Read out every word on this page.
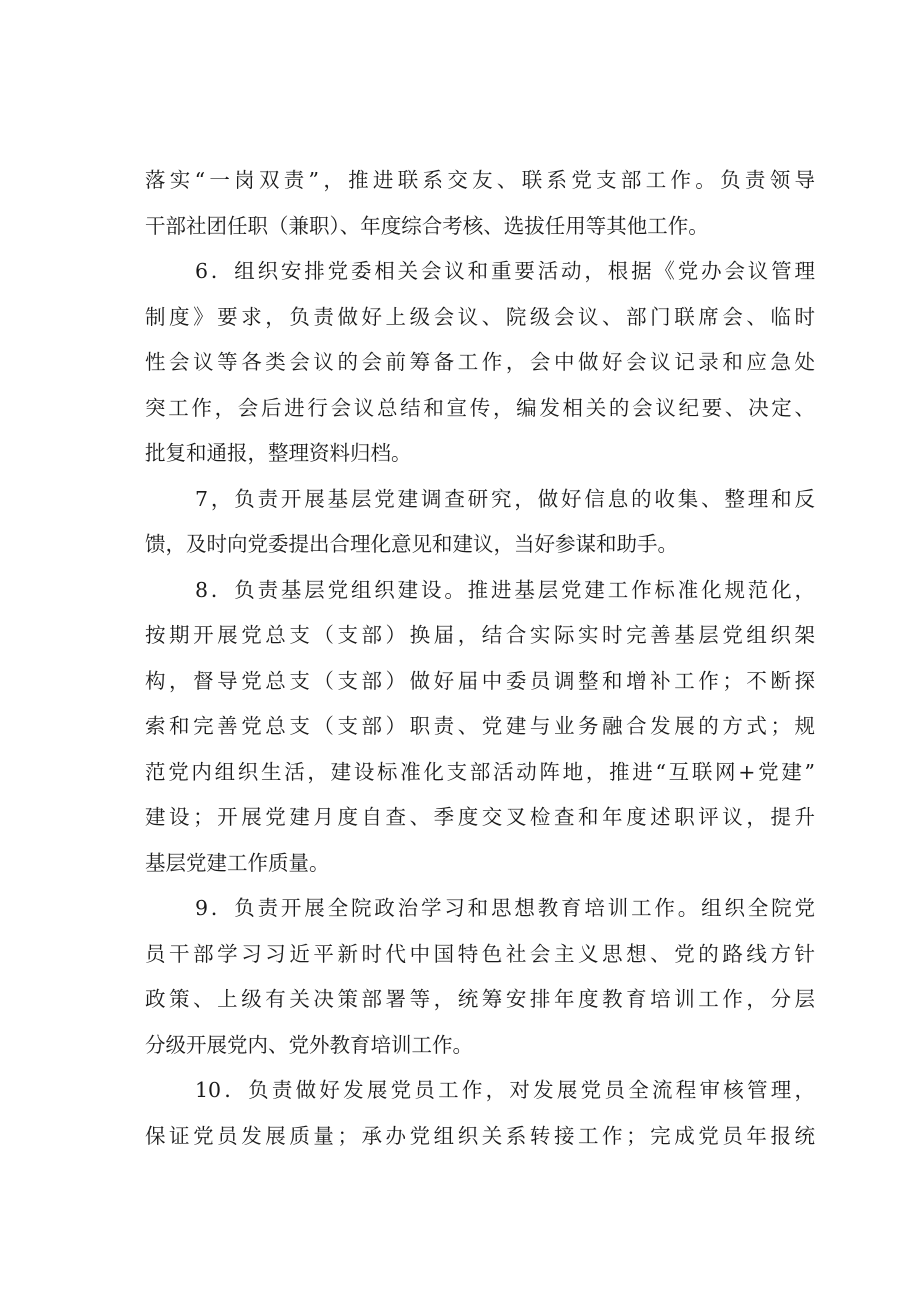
落实“一岗双责”，推进联系交友、联系党支部工作。负责领导
干部社团任职（兼职）、年度综合考核、选拔任用等其他工作。
6．组织安排党委相关会议和重要活动，根据《党办会议管理
制度》要求，负责做好上级会议、院级会议、部门联席会、临时
性会议等各类会议的会前筹备工作，会中做好会议记录和应急处
突工作，会后进行会议总结和宣传，编发相关的会议纪要、决定、
批复和通报，整理资料归档。
7，负责开展基层党建调查研究，做好信息的收集、整理和反
馈，及时向党委提出合理化意见和建议，当好参谋和助手。
8．负责基层党组织建设。推进基层党建工作标准化规范化，
按期开展党总支（支部）换届，结合实际实时完善基层党组织架
构，督导党总支（支部）做好届中委员调整和增补工作；不断探
索和完善党总支（支部）职责、党建与业务融合发展的方式；规
范党内组织生活，建设标准化支部活动阵地，推进“互联网+党建”
建设；开展党建月度自查、季度交叉检查和年度述职评议，提升
基层党建工作质量。
9．负责开展全院政治学习和思想教育培训工作。组织全院党
员干部学习习近平新时代中国特色社会主义思想、党的路线方针
政策、上级有关决策部署等，统筹安排年度教育培训工作，分层
分级开展党内、党外教育培训工作。
10．负责做好发展党员工作，对发展党员全流程审核管理，
保证党员发展质量；承办党组织关系转接工作；完成党员年报统
